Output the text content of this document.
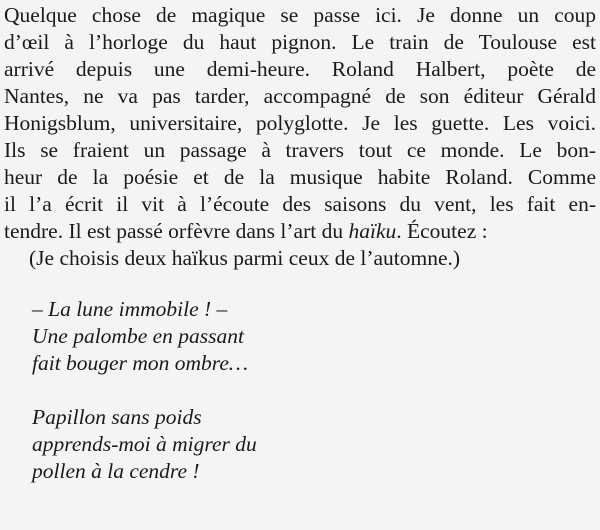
Quelque chose de magique se passe ici. Je donne un coup
d’œil à l’horloge du haut pignon. Le train de Toulouse est
arrivé depuis une demi-heure. Roland Halbert, poète de
Nantes, ne va pas tarder, accompagné de son éditeur Gérald
Honigsblum, universitaire, polyglotte. Je les guette. Les voici.
Ils se fraient un passage à travers tout ce monde. Le bon-
heur de la poésie et de la musique habite Roland. Comme
il l’a écrit il vit à l’écoute des saisons du vent, les fait en-
tendre. Il est passé orfèvre dans l’art du haïku. Écoutez :
(Je choisis deux haïkus parmi ceux de l’automne.)
– La lune immobile ! –
Une palombe en passant
fait bouger mon ombre…
Papillon sans poids
apprends-moi à migrer du
pollen à la cendre !
